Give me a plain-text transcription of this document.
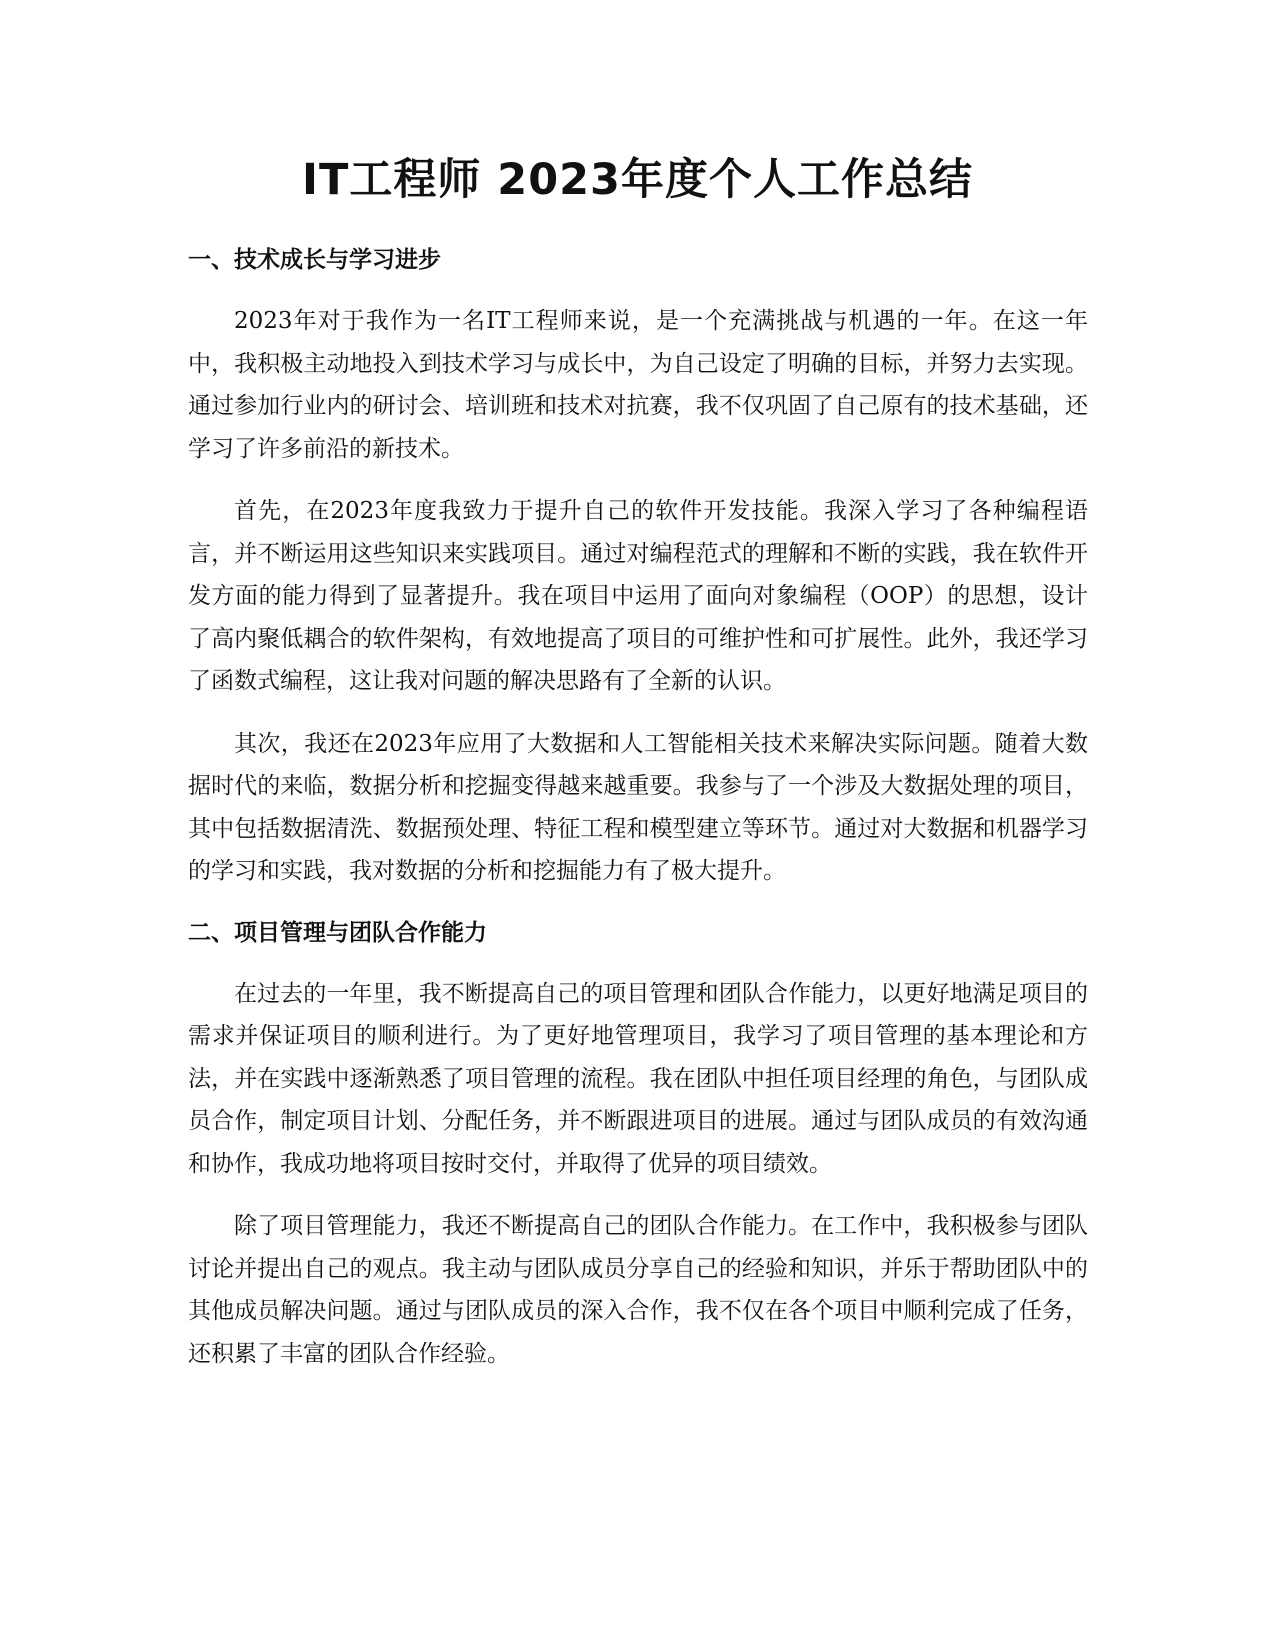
IT工程师 2023年度个人工作总结
一、技术成长与学习进步

2023年对于我作为一名IT工程师来说，是一个充满挑战与机遇的一年。在这一年中，我积极主动地投入到技术学习与成长中，为自己设定了明确的目标，并努力去实现。通过参加行业内的研讨会、培训班和技术对抗赛，我不仅巩固了自己原有的技术基础，还学习了许多前沿的新技术。

首先，在2023年度我致力于提升自己的软件开发技能。我深入学习了各种编程语言，并不断运用这些知识来实践项目。通过对编程范式的理解和不断的实践，我在软件开发方面的能力得到了显著提升。我在项目中运用了面向对象编程（OOP）的思想，设计了高内聚低耦合的软件架构，有效地提高了项目的可维护性和可扩展性。此外，我还学习了函数式编程，这让我对问题的解决思路有了全新的认识。

其次，我还在2023年应用了大数据和人工智能相关技术来解决实际问题。随着大数据时代的来临，数据分析和挖掘变得越来越重要。我参与了一个涉及大数据处理的项目，其中包括数据清洗、数据预处理、特征工程和模型建立等环节。通过对大数据和机器学习的学习和实践，我对数据的分析和挖掘能力有了极大提升。

二、项目管理与团队合作能力

在过去的一年里，我不断提高自己的项目管理和团队合作能力，以更好地满足项目的需求并保证项目的顺利进行。为了更好地管理项目，我学习了项目管理的基本理论和方法，并在实践中逐渐熟悉了项目管理的流程。我在团队中担任项目经理的角色，与团队成员合作，制定项目计划、分配任务，并不断跟进项目的进展。通过与团队成员的有效沟通和协作，我成功地将项目按时交付，并取得了优异的项目绩效。

除了项目管理能力，我还不断提高自己的团队合作能力。在工作中，我积极参与团队讨论并提出自己的观点。我主动与团队成员分享自己的经验和知识，并乐于帮助团队中的其他成员解决问题。通过与团队成员的深入合作，我不仅在各个项目中顺利完成了任务，还积累了丰富的团队合作经验。
